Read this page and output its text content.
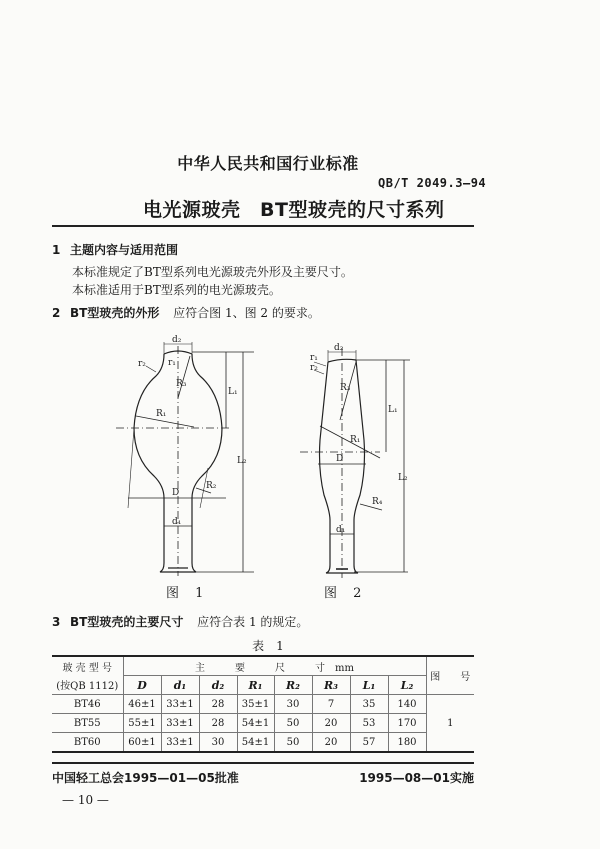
中华人民共和国行业标准
QB/T 2049.3—94
电光源玻壳　BT型玻壳的尺寸系列
1 主题内容与适用范围
本标准规定了BT型系列电光源玻壳外形及主要尺寸。
本标准适用于BT型系列的电光源玻壳。
2 BT型玻壳的外形 应符合图 1、图 2 的要求。
d₂
r₂ r₁
R₃
L₁
R₁
L₂
D
R₂
d₁
图 1
d₂
r₁
r₂
R₃
L₁
R₁
L₂
D
R₄
d₁
图 2
3 BT型玻壳的主要尺寸 应符合表 1 的规定。
表　1
玻 壳 型 号	主　　　要　　　尺　　　寸　mm								图　　号
(按QB 1112)	D	d₁	d₂	R₁	R₂	R₃	L₁	L₂	
BT46	46±1	33±1	28	35±1	30	7	35	140	1
BT55	55±1	33±1	28	54±1	50	20	53	170	
BT60	60±1	33±1	30	54±1	50	20	57	180	
中国轻工总会1995—01—05批准	1995—08—01实施
— 10 —
